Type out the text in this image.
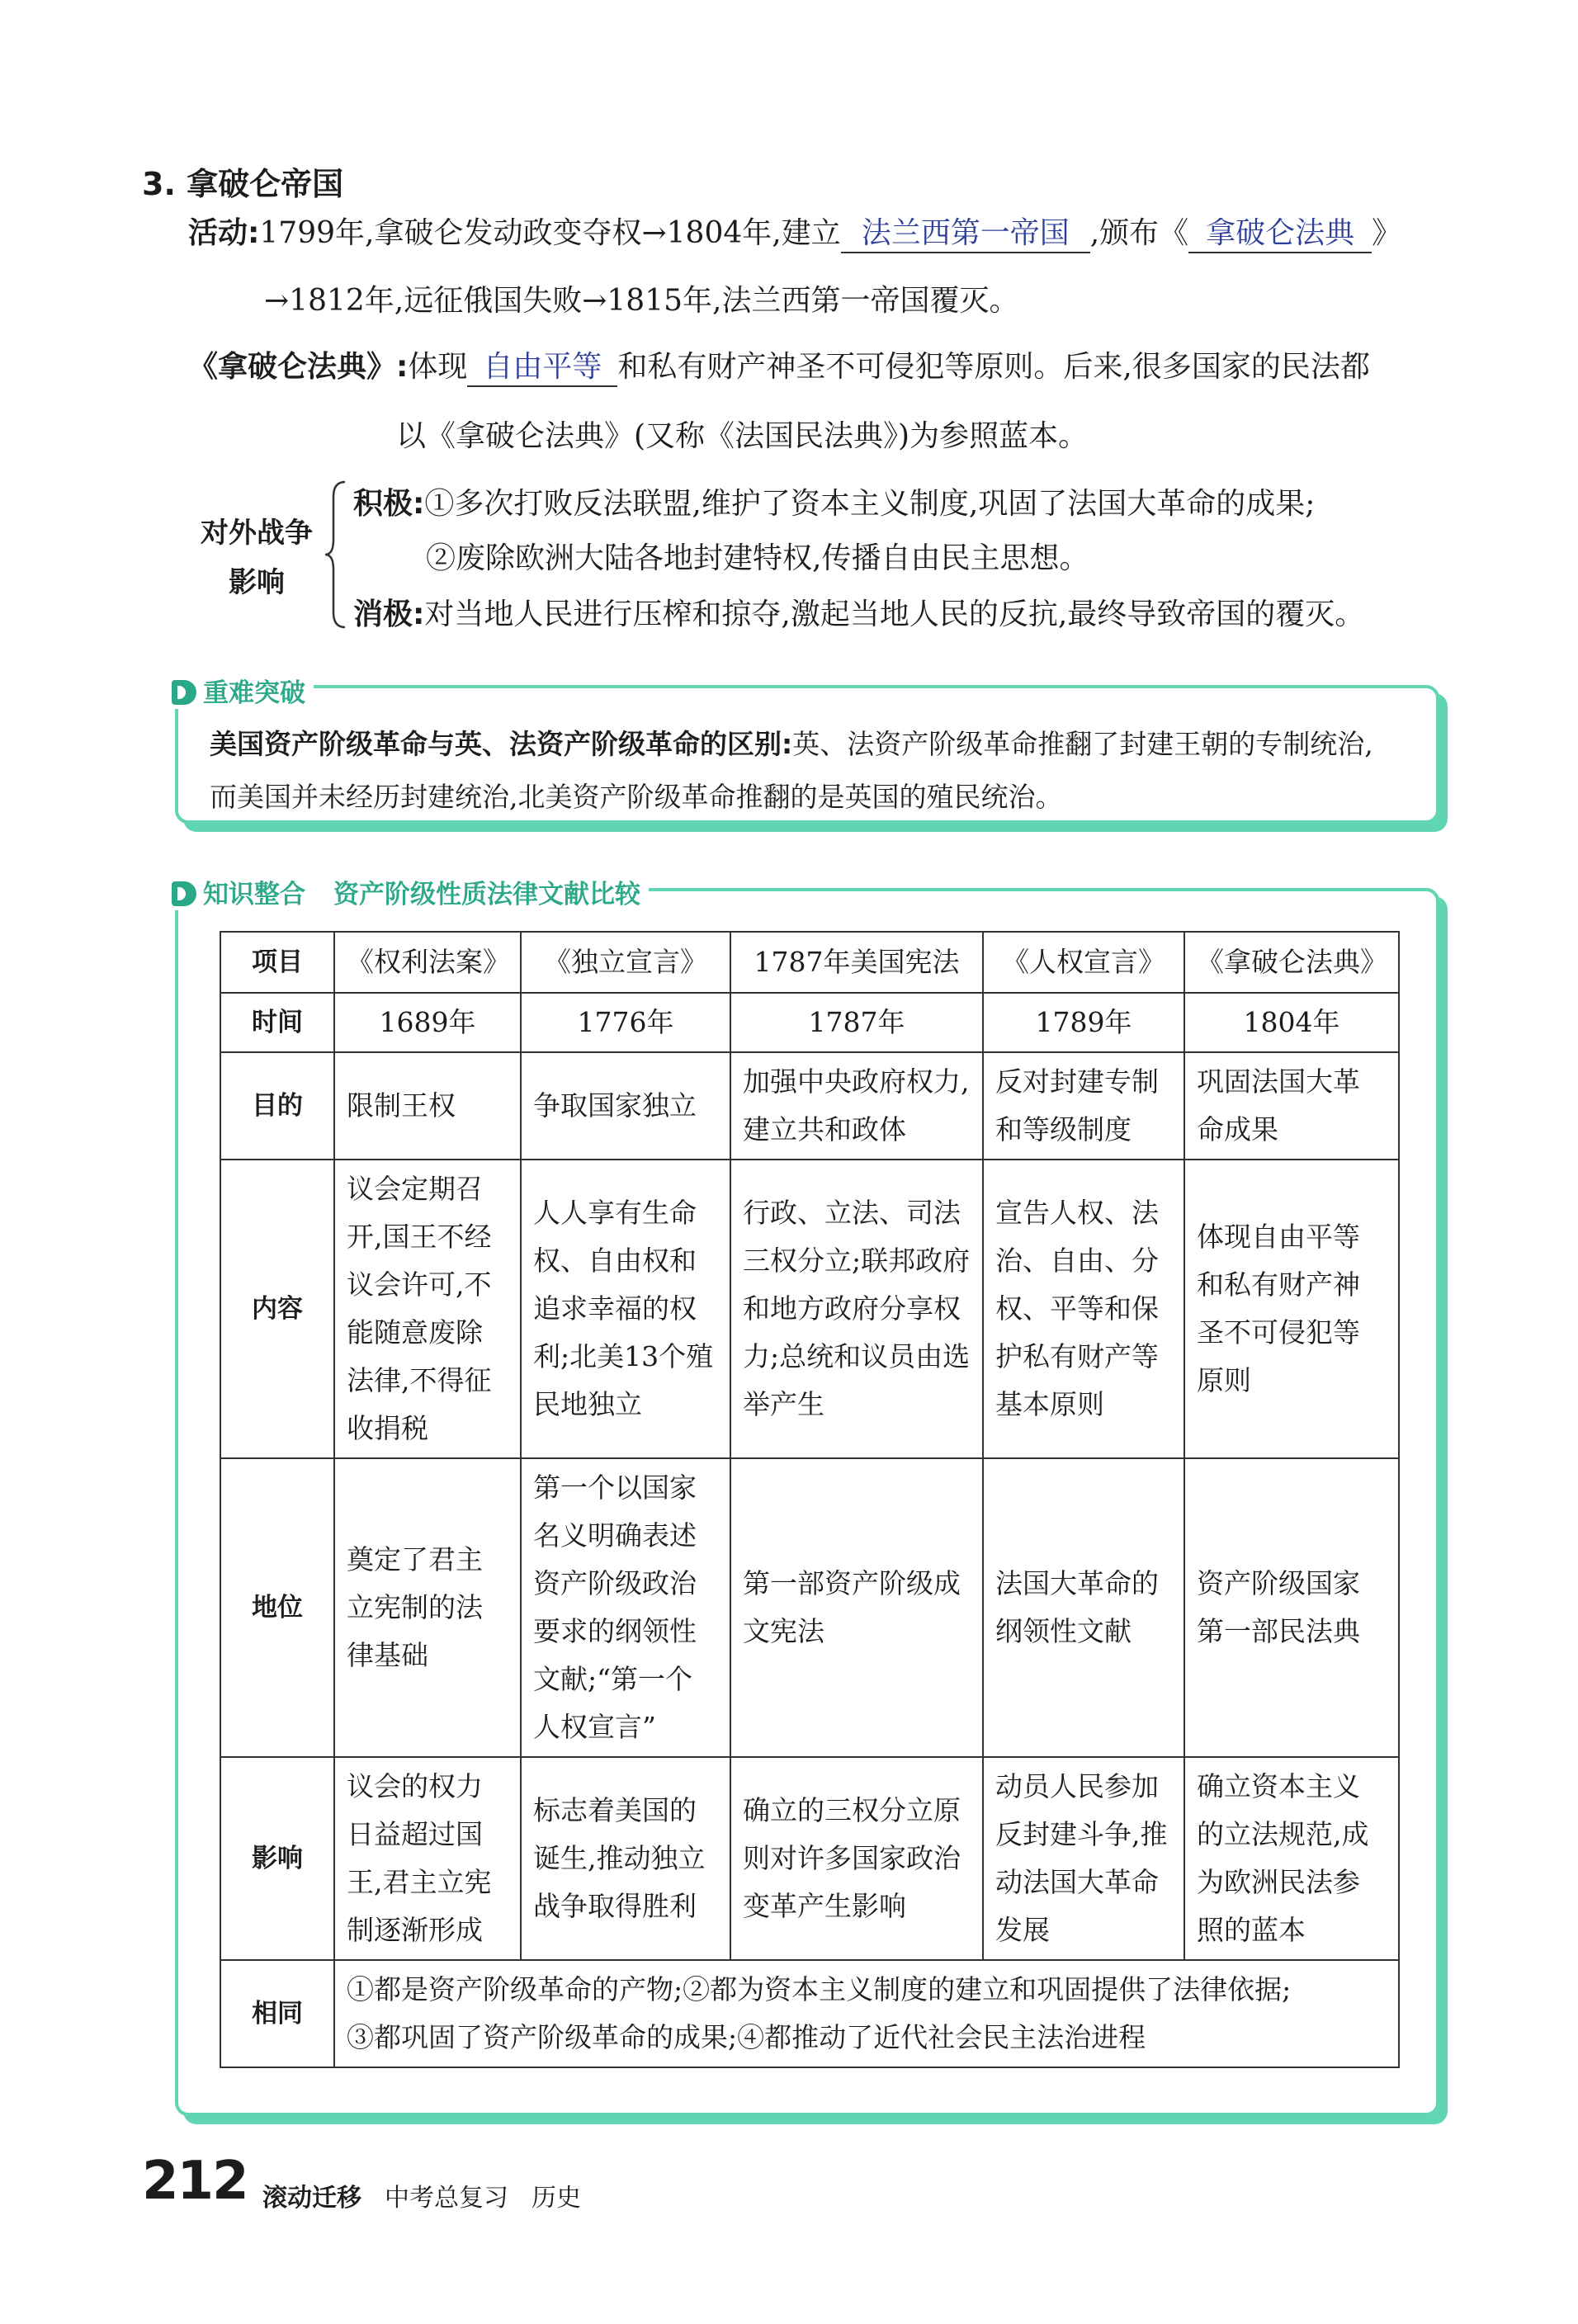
3. 拿破仑帝国
活动:1799年,拿破仑发动政变夺权→1804年,建立 法兰西第一帝国 ,颁布《 拿破仑法典 》
→1812年,远征俄国失败→1815年,法兰西第一帝国覆灭。
《拿破仑法典》:体现 自由平等 和私有财产神圣不可侵犯等原则。后来,很多国家的民法都
以《拿破仑法典》(又称《法国民法典》)为参照蓝本。
对外战争
影响
积极:①多次打败反法联盟,维护了资本主义制度,巩固了法国大革命的成果;
②废除欧洲大陆各地封建特权,传播自由民主思想。
消极:对当地人民进行压榨和掠夺,激起当地人民的反抗,最终导致帝国的覆灭。
重难突破
美国资产阶级革命与英、法资产阶级革命的区别:英、法资产阶级革命推翻了封建王朝的专制统治,
而美国并未经历封建统治,北美资产阶级革命推翻的是英国的殖民统治。
知识整合 资产阶级性质法律文献比较
项目	《权利法案》	《独立宣言》	1787年美国宪法	《人权宣言》	《拿破仑法典》
时间	1689年	1776年	1787年	1789年	1804年
目的	限制王权	争取国家独立	加强中央政府权力,建立共和政体	反对封建专制和等级制度	巩固法国大革命成果
内容	议会定期召开,国王不经议会许可,不能随意废除法律,不得征收捐税	人人享有生命权、自由权和追求幸福的权利;北美13个殖民地独立	行政、立法、司法三权分立;联邦政府和地方政府分享权力;总统和议员由选举产生	宣告人权、法治、自由、分权、平等和保护私有财产等基本原则	体现自由平等和私有财产神圣不可侵犯等原则
地位	奠定了君主立宪制的法律基础	第一个以国家名义明确表述资产阶级政治要求的纲领性文献;“第一个人权宣言”	第一部资产阶级成文宪法	法国大革命的纲领性文献	资产阶级国家第一部民法典
影响	议会的权力日益超过国王,君主立宪制逐渐形成	标志着美国的诞生,推动独立战争取得胜利	确立的三权分立原则对许多国家政治变革产生影响	动员人民参加反封建斗争,推动法国大革命发展	确立资本主义的立法规范,成为欧洲民法参照的蓝本
相同	①都是资产阶级革命的产物;②都为资本主义制度的建立和巩固提供了法律依据;
③都巩固了资产阶级革命的成果;④都推动了近代社会民主法治进程				
212 滚动迁移 中考总复习 历史
